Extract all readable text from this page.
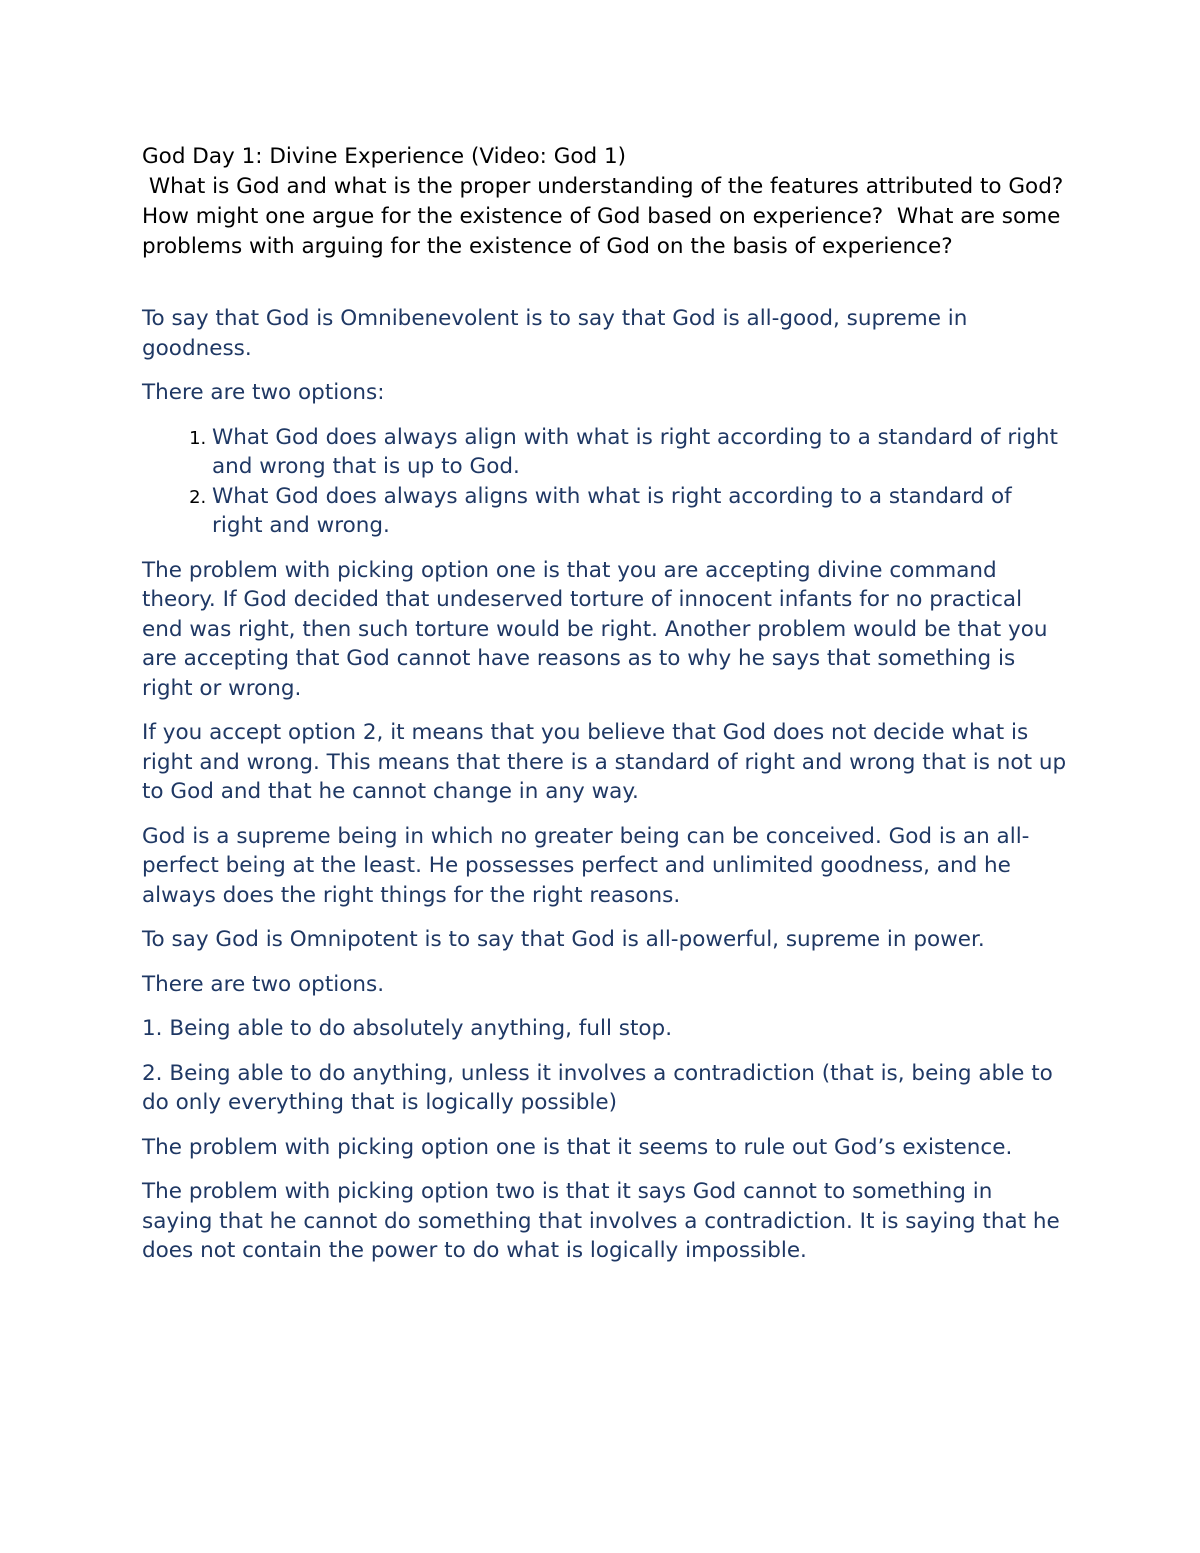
God Day 1: Divine Experience (Video: God 1)

What is God and what is the proper understanding of the features attributed to God?How might one argue for the existence of God based on experience?  What are some problems with arguing for the existence of God on the basis of experience?

To say that God is Omnibenevolent is to say that God is all-good, supreme in goodness.

There are two options:

1. What God does always align with what is right according to a standard of right and wrong that is up to God.
2. What God does always aligns with what is right according to a standard of right and wrong.

The problem with picking option one is that you are accepting divine command theory. If God decided that undeserved torture of innocent infants for no practical end was right, then such torture would be right. Another problem would be that you are accepting that God cannot have reasons as to why he says that something is right or wrong.

If you accept option 2, it means that you believe that God does not decide what is right and wrong. This means that there is a standard of right and wrong that is not up to God and that he cannot change in any way.

God is a supreme being in which no greater being can be conceived. God is an all-perfect being at the least. He possesses perfect and unlimited goodness, and he always does the right things for the right reasons.

To say God is Omnipotent is to say that God is all-powerful, supreme in power.

There are two options.

1. Being able to do absolutely anything, full stop.

2. Being able to do anything, unless it involves a contradiction (that is, being able to do only everything that is logically possible)

The problem with picking option one is that it seems to rule out God’s existence.

The problem with picking option two is that it says God cannot to something in saying that he cannot do something that involves a contradiction. It is saying that he does not contain the power to do what is logically impossible.
